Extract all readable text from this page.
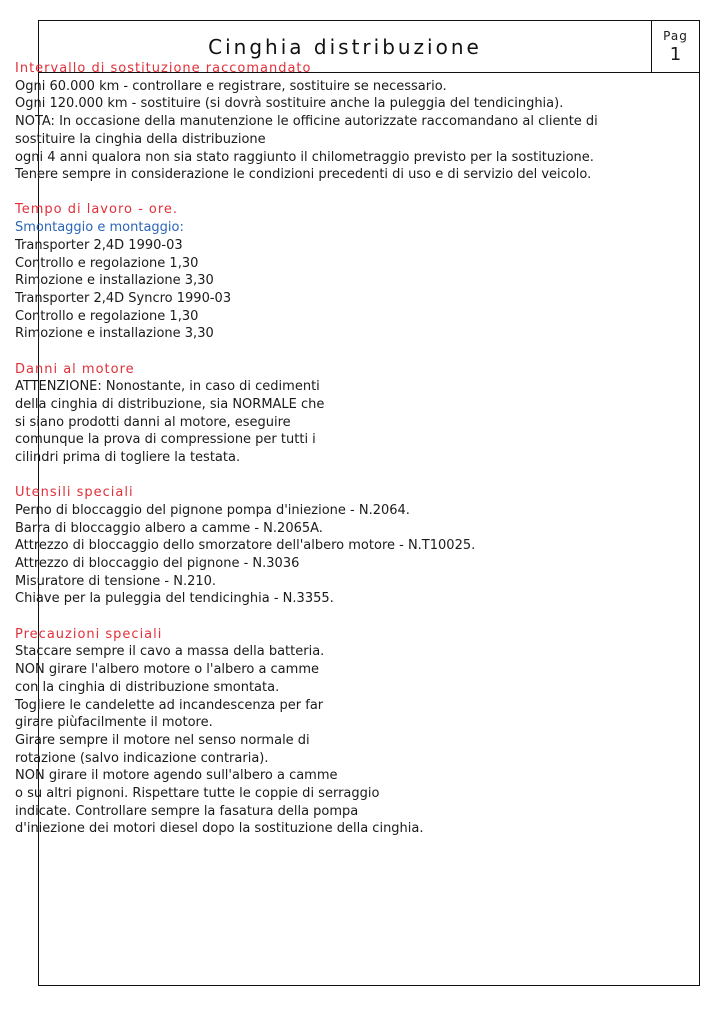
Cinghia distribuzione	Pag
1
Intervallo di sostituzione raccomandato
Ogni 60.000 km - controllare e registrare, sostituire se necessario.
Ogni 120.000 km - sostituire (si dovrà sostituire anche la puleggia del tendicinghia).
NOTA: In occasione della manutenzione le officine autorizzate raccomandano al cliente di
sostituire la cinghia della distribuzione
ogni 4 anni qualora non sia stato raggiunto il chilometraggio previsto per la sostituzione.
Tenere sempre in considerazione le condizioni precedenti di uso e di servizio del veicolo.
Tempo di lavoro - ore.
Smontaggio e montaggio:
Transporter 2,4D 1990-03
Controllo e regolazione 1,30
Rimozione e installazione 3,30
Transporter 2,4D Syncro 1990-03
Controllo e regolazione 1,30
Rimozione e installazione 3,30
Danni al motore
ATTENZIONE: Nonostante, in caso di cedimenti
della cinghia di distribuzione, sia NORMALE che
si siano prodotti danni al motore, eseguire
comunque la prova di compressione per tutti i
cilindri prima di togliere la testata.
Utensili speciali
Perno di bloccaggio del pignone pompa d'iniezione - N.2064.
Barra di bloccaggio albero a camme - N.2065A.
Attrezzo di bloccaggio dello smorzatore dell'albero motore - N.T10025.
Attrezzo di bloccaggio del pignone - N.3036
Misuratore di tensione - N.210.
Chiave per la puleggia del tendicinghia - N.3355.
Precauzioni speciali
Staccare sempre il cavo a massa della batteria.
NON girare l'albero motore o l'albero a camme
con la cinghia di distribuzione smontata.
Togliere le candelette ad incandescenza per far
girare piùfacilmente il motore.
Girare sempre il motore nel senso normale di
rotazione (salvo indicazione contraria).
NON girare il motore agendo sull'albero a camme
o su altri pignoni. Rispettare tutte le coppie di serraggio
indicate. Controllare sempre la fasatura della pompa
d'iniezione dei motori diesel dopo la sostituzione della cinghia.
